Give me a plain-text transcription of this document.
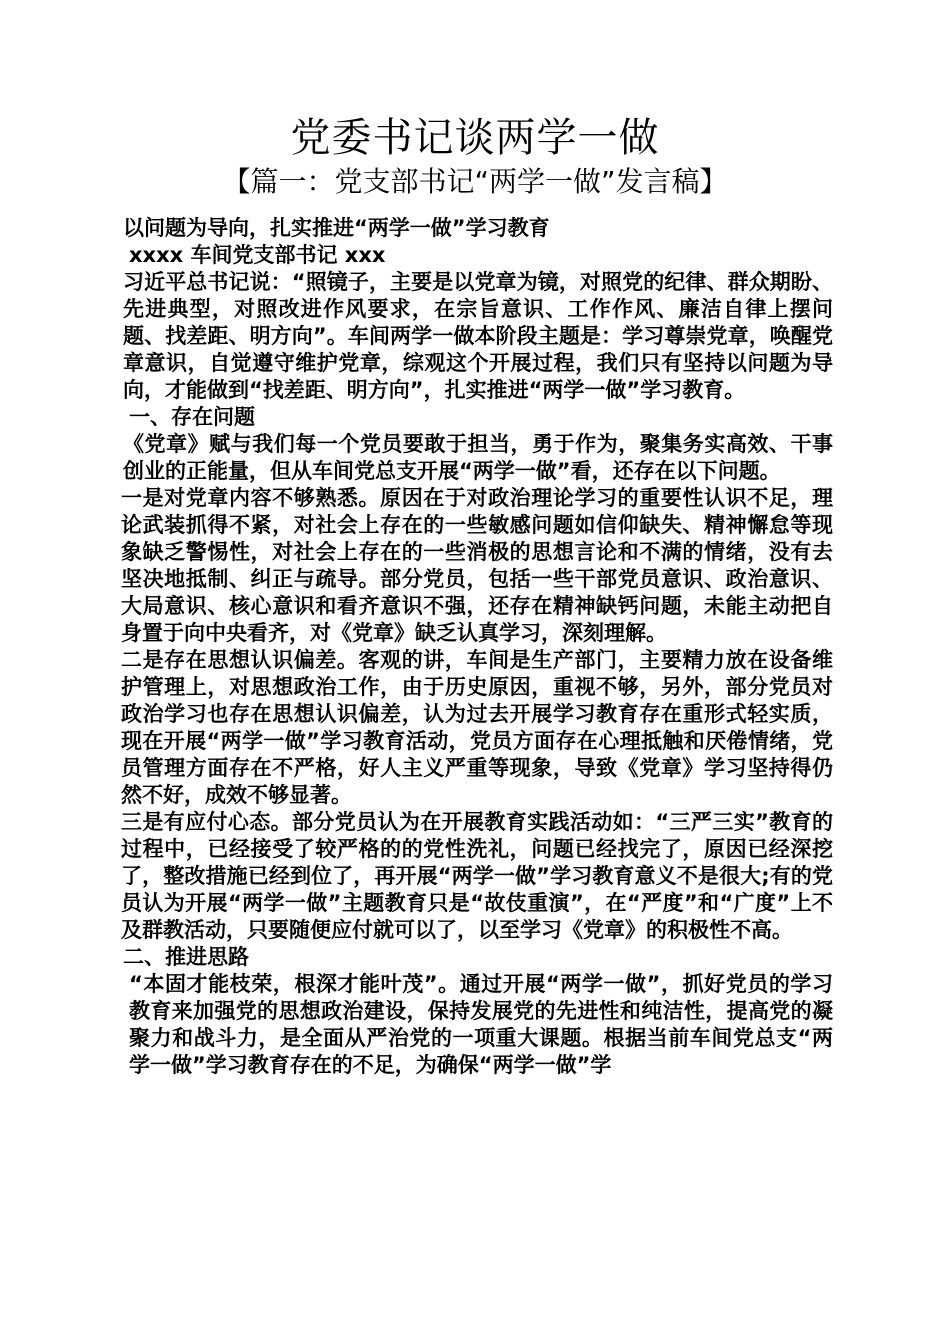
党委书记谈两学一做
【篇一：党支部书记“两学一做”发言稿】

以问题为导向，扎实推进“两学一做”学习教育

xxxx 车间党支部书记 xxx

习近平总书记说：“照镜子，主要是以党章为镜，对照党的纪律、群众期盼、先进典型，对照改进作风要求，在宗旨意识、工作作风、廉洁自律上摆问题、找差距、明方向”。车间两学一做本阶段主题是：学习尊崇党章，唤醒党章意识，自觉遵守维护党章，综观这个开展过程，我们只有坚持以问题为导向，才能做到“找差距、明方向”，扎实推进“两学一做”学习教育。

一、存在问题

《党章》赋与我们每一个党员要敢于担当，勇于作为，聚集务实高效、干事创业的正能量，但从车间党总支开展“两学一做”看，还存在以下问题。

一是对党章内容不够熟悉。原因在于对政治理论学习的重要性认识不足，理论武装抓得不紧，对社会上存在的一些敏感问题如信仰缺失、精神懈怠等现象缺乏警惕性，对社会上存在的一些消极的思想言论和不满的情绪，没有去坚决地抵制、纠正与疏导。部分党员，包括一些干部党员意识、政治意识、大局意识、核心意识和看齐意识不强，还存在精神缺钙问题，未能主动把自身置于向中央看齐，对《党章》缺乏认真学习，深刻理解。

二是存在思想认识偏差。客观的讲，车间是生产部门，主要精力放在设备维护管理上，对思想政治工作，由于历史原因，重视不够，另外，部分党员对政治学习也存在思想认识偏差，认为过去开展学习教育存在重形式轻实质，现在开展“两学一做”学习教育活动，党员方面存在心理抵触和厌倦情绪，党员管理方面存在不严格，好人主义严重等现象，导致《党章》学习坚持得仍然不好，成效不够显著。

三是有应付心态。部分党员认为在开展教育实践活动如：“三严三实”教育的过程中，已经接受了较严格的的党性洗礼，问题已经找完了，原因已经深挖了，整改措施已经到位了，再开展“两学一做”学习教育意义不是很大;有的党员认为开展“两学一做”主题教育只是“故伎重演”，在“严度”和“广度”上不及群教活动，只要随便应付就可以了，以至学习《党章》的积极性不高。

二、推进思路

“本固才能枝荣，根深才能叶茂”。通过开展“两学一做”，抓好党员的学习教育来加强党的思想政治建设，保持发展党的先进性和纯洁性，提高党的凝聚力和战斗力，是全面从严治党的一项重大课题。根据当前车间党总支“两学一做”学习教育存在的不足，为确保“两学一做”学
